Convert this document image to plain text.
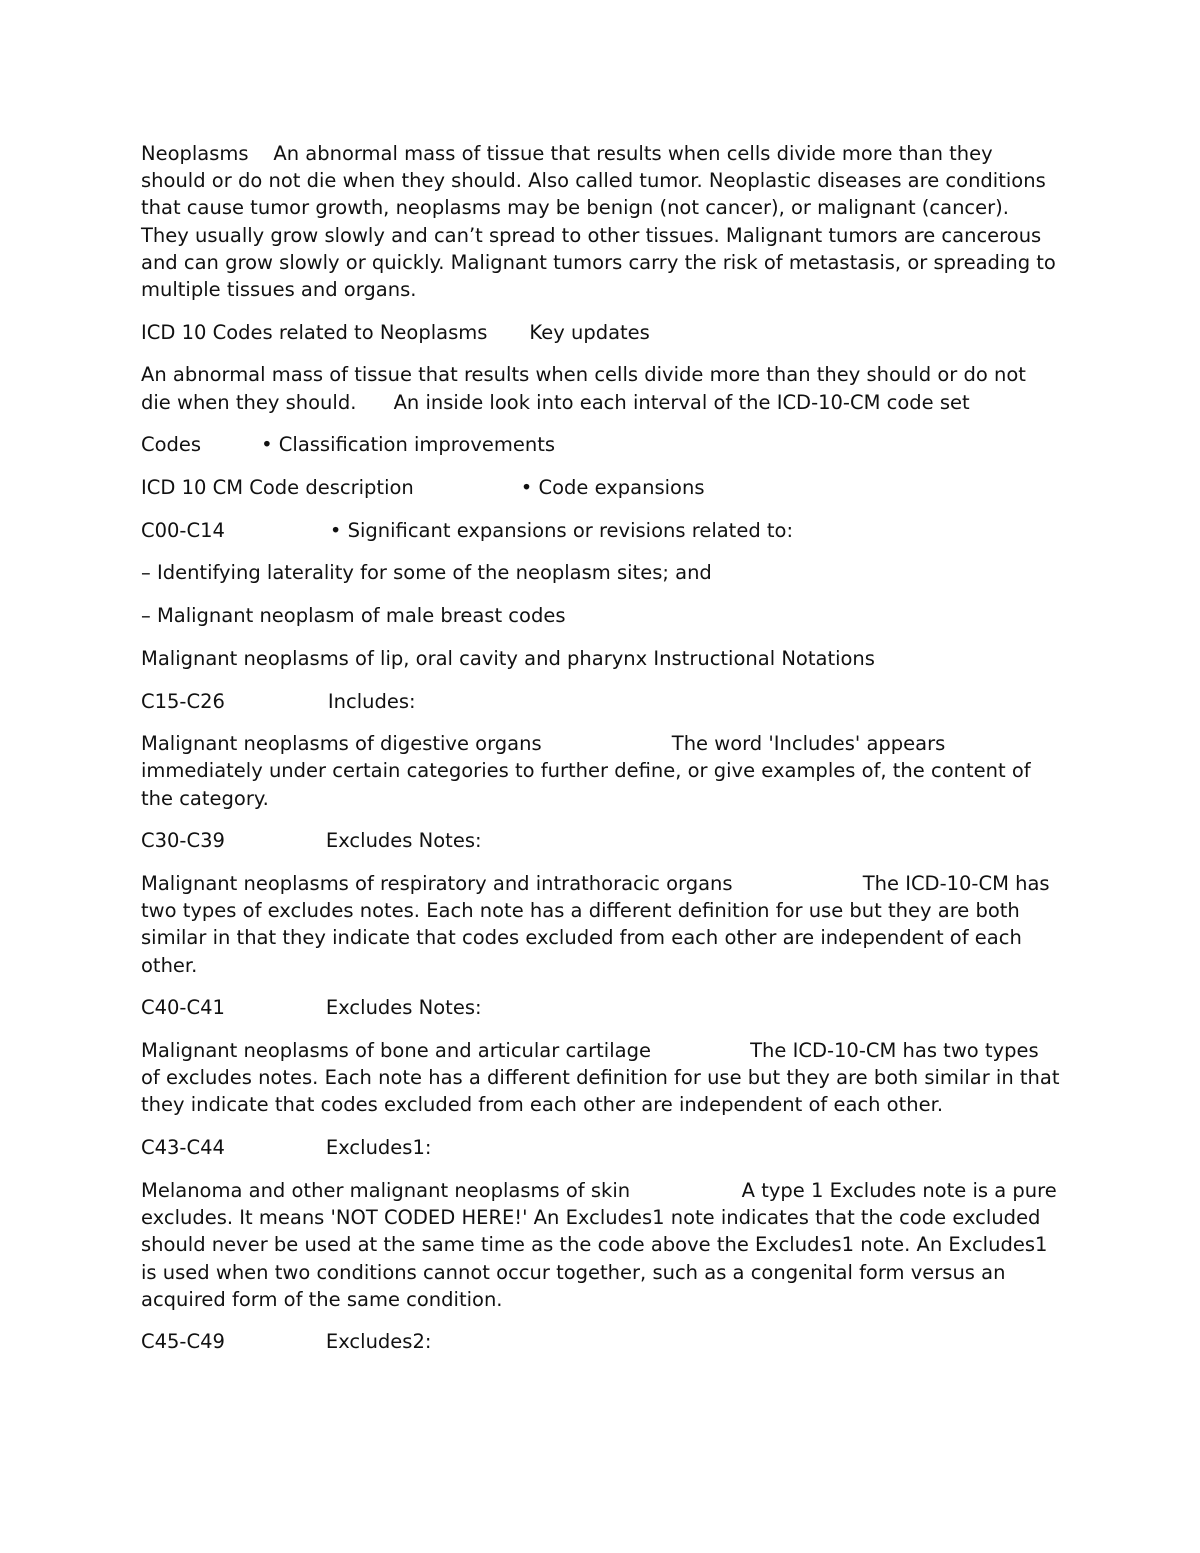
Neoplasms    An abnormal mass of tissue that results when cells divide more than they should or do not die when they should. Also called tumor. Neoplastic diseases are conditions that cause tumor growth, neoplasms may be benign (not cancer), or malignant (cancer). They usually grow slowly and can’t spread to other tissues. Malignant tumors are cancerous and can grow slowly or quickly. Malignant tumors carry the risk of metastasis, or spreading to multiple tissues and organs.

ICD 10 Codes related to Neoplasms Key updates

An abnormal mass of tissue that results when cells divide more than they should or do not die when they should.      An inside look into each interval of the ICD-10-CM code set

Codes	• Classification improvements
ICD 10 CM Code description	• Code expansions
C00-C14	• Significant expansions or revisions related to:
– Identifying laterality for some of the neoplasm sites; and
– Malignant neoplasm of male breast codes
Malignant neoplasms of lip, oral cavity and pharynx Instructional Notations
C15-C26	Includes:

Malignant neoplasms of digestive organs                     The word 'Includes' appears immediately under certain categories to further define, or give examples of, the content of the category.

C30-C39	Excludes Notes:

Malignant neoplasms of respiratory and intrathoracic organs                     The ICD-10-CM has two types of excludes notes. Each note has a different definition for use but they are both similar in that they indicate that codes excluded from each other are independent of each other.

C40-C41	Excludes Notes:

Malignant neoplasms of bone and articular cartilage                The ICD-10-CM has two types of excludes notes. Each note has a different definition for use but they are both similar in that they indicate that codes excluded from each other are independent of each other.

C43-C44	Excludes1:

Melanoma and other malignant neoplasms of skin                  A type 1 Excludes note is a pure excludes. It means 'NOT CODED HERE!' An Excludes1 note indicates that the code excluded should never be used at the same time as the code above the Excludes1 note. An Excludes1 is used when two conditions cannot occur together, such as a congenital form versus an acquired form of the same condition.

C45-C49	Excludes2:
